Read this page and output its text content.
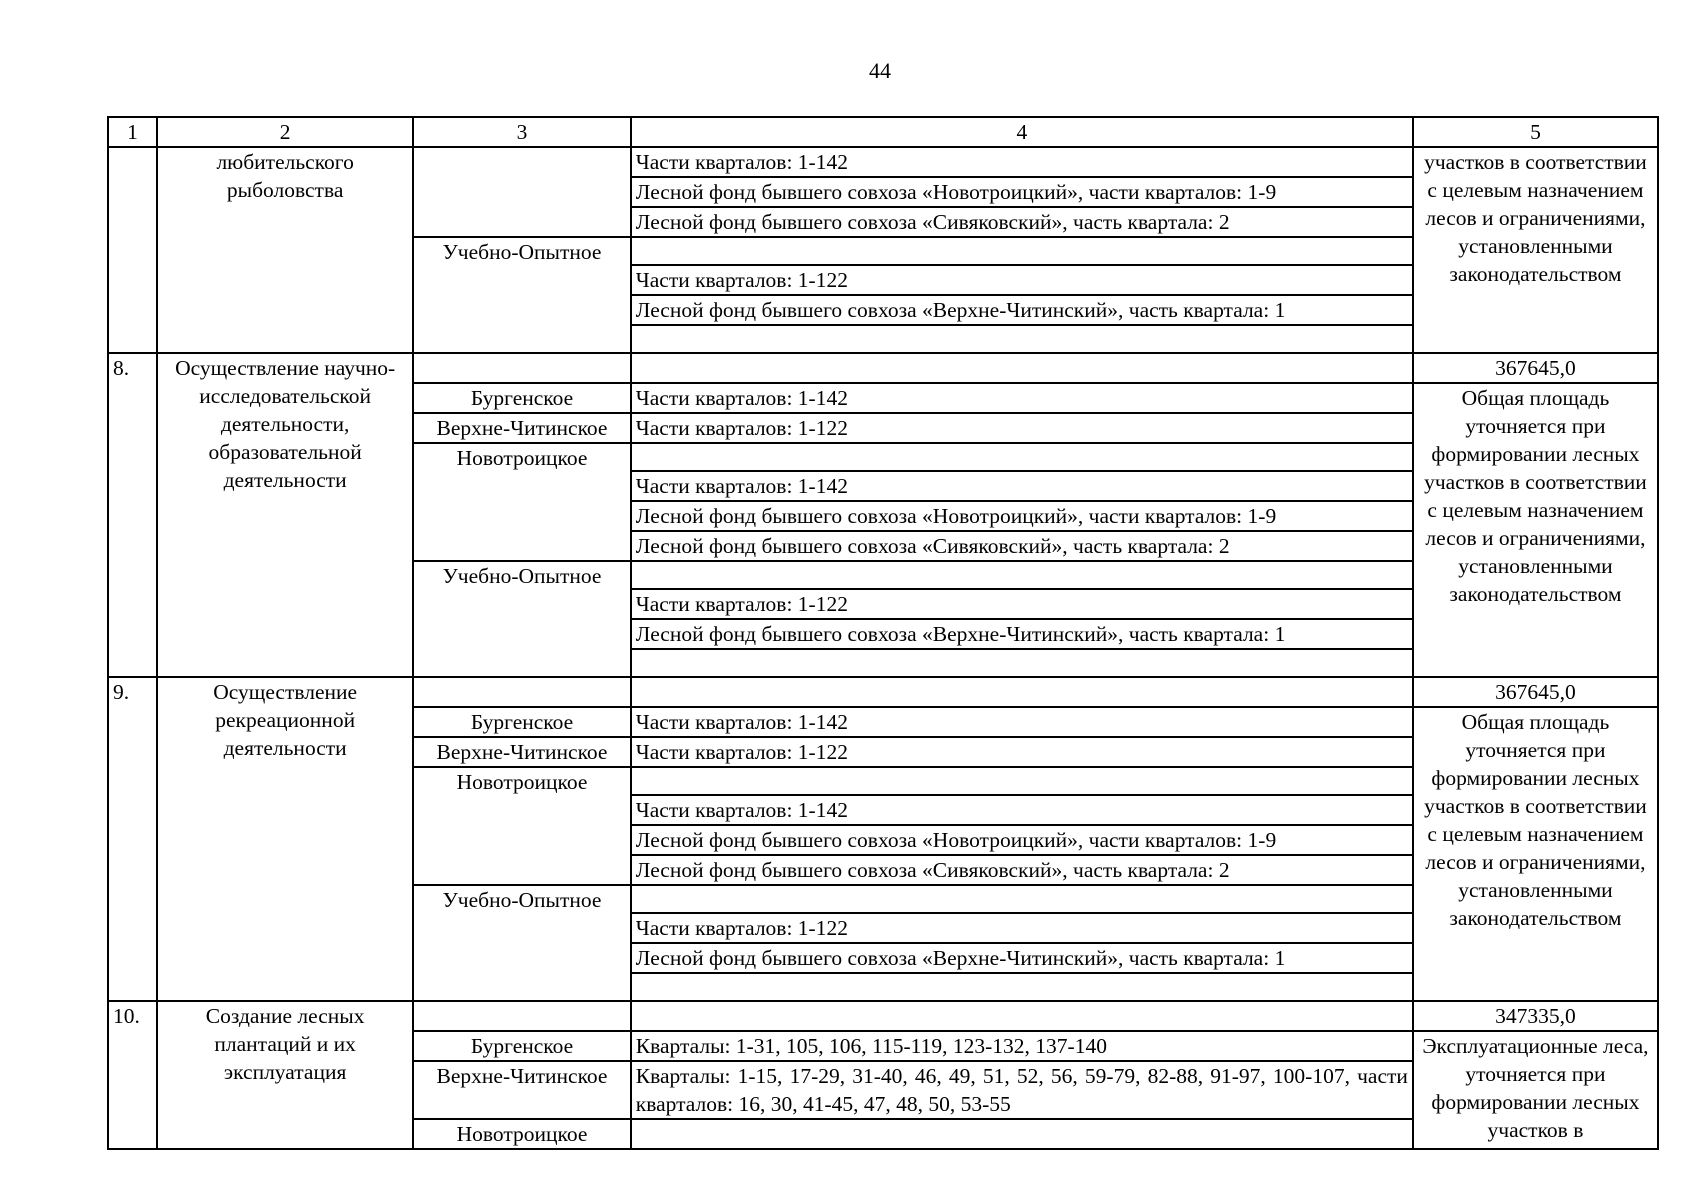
44
1	2	3	4	5
	любительского рыболовства		Части кварталов: 1-142	участков в соответствии с целевым назначением лесов и ограничениями, установленными законодательством
			Лесной фонд бывшего совхоза «Новотроицкий», части кварталов: 1-9	
			Лесной фонд бывшего совхоза «Сивяковский», часть квартала: 2	
		Учебно-Опытное		
			Части кварталов: 1-122	
			Лесной фонд бывшего совхоза «Верхне-Читинский», часть квартала: 1	

8.	Осуществление научно-исследовательской деятельности, образовательной деятельности			367645,0
		Бургенское	Части кварталов: 1-142	Общая площадь уточняется при формировании лесных участков в соответствии с целевым назначением лесов и ограничениями, установленными законодательством
		Верхне-Читинское	Части кварталов: 1-122	
		Новотроицкое		
			Части кварталов: 1-142	
			Лесной фонд бывшего совхоза «Новотроицкий», части кварталов: 1-9	
			Лесной фонд бывшего совхоза «Сивяковский», часть квартала: 2	
		Учебно-Опытное		
			Части кварталов: 1-122	
			Лесной фонд бывшего совхоза «Верхне-Читинский», часть квартала: 1	

9.	Осуществление рекреационной деятельности			367645,0
		Бургенское	Части кварталов: 1-142	Общая площадь уточняется при формировании лесных участков в соответствии с целевым назначением лесов и ограничениями, установленными законодательством
		Верхне-Читинское	Части кварталов: 1-122	
		Новотроицкое		
			Части кварталов: 1-142	
			Лесной фонд бывшего совхоза «Новотроицкий», части кварталов: 1-9	
			Лесной фонд бывшего совхоза «Сивяковский», часть квартала: 2	
		Учебно-Опытное		
			Части кварталов: 1-122	
			Лесной фонд бывшего совхоза «Верхне-Читинский», часть квартала: 1	

10.	Создание лесных плантаций и их эксплуатация			347335,0
		Бургенское	Кварталы: 1-31, 105, 106, 115-119, 123-132, 137-140	Эксплуатационные леса, уточняется при формировании лесных участков в
		Верхне-Читинское	Кварталы: 1-15, 17-29, 31-40, 46, 49, 51, 52, 56, 59-79, 82-88, 91-97, 100-107, части кварталов: 16, 30, 41-45, 47, 48, 50, 53-55	
		Новотроицкое		
